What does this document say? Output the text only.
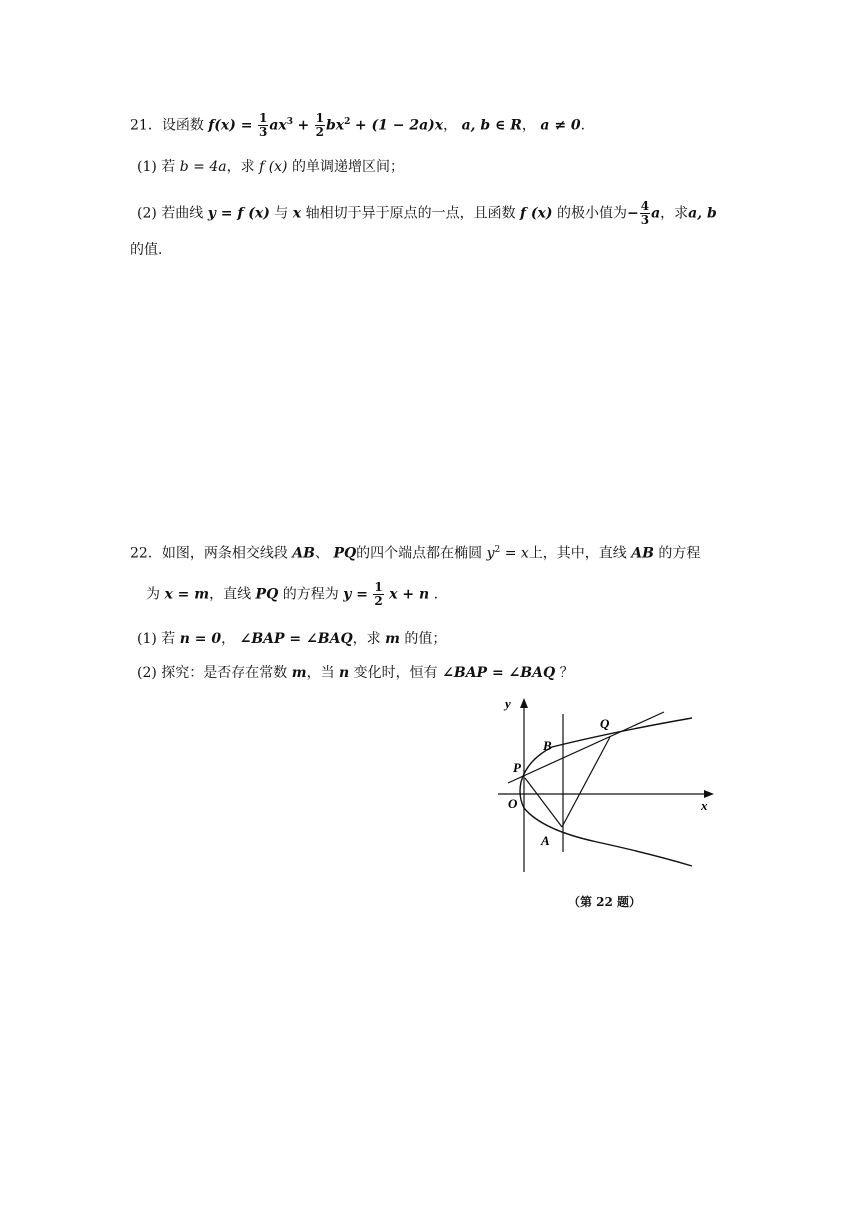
21．设函数 $f(x) = \frac{1}{3} ax^3 + \frac{1}{2} bx^2 + (1 - 2a)x$， a, b ∈ R， a ≠ 0.
(1) 若 b = 4a，求 f (x) 的单调递增区间；
(2) 若曲线 y = f (x) 与 x 轴相切于异于原点的一点，且函数 f (x) 的极小值为− $\frac{4}{3}$ a，求a, b
的值．
22．如图，两条相交线段 AB、 PQ的四个端点都在椭圆 $y^2 = x$上，其中，直线 AB 的方程
为 x = m，直线 PQ 的方程为 $y = \frac{1}{2}$ x + n .
(1) 若 n = 0， ∠BAP = ∠BAQ，求 m 的值；
(2) 探究：是否存在常数 m，当 n 变化时，恒有 ∠BAP = ∠BAQ ？
y
x
O
P
Q
A
B
（第 22 题）
